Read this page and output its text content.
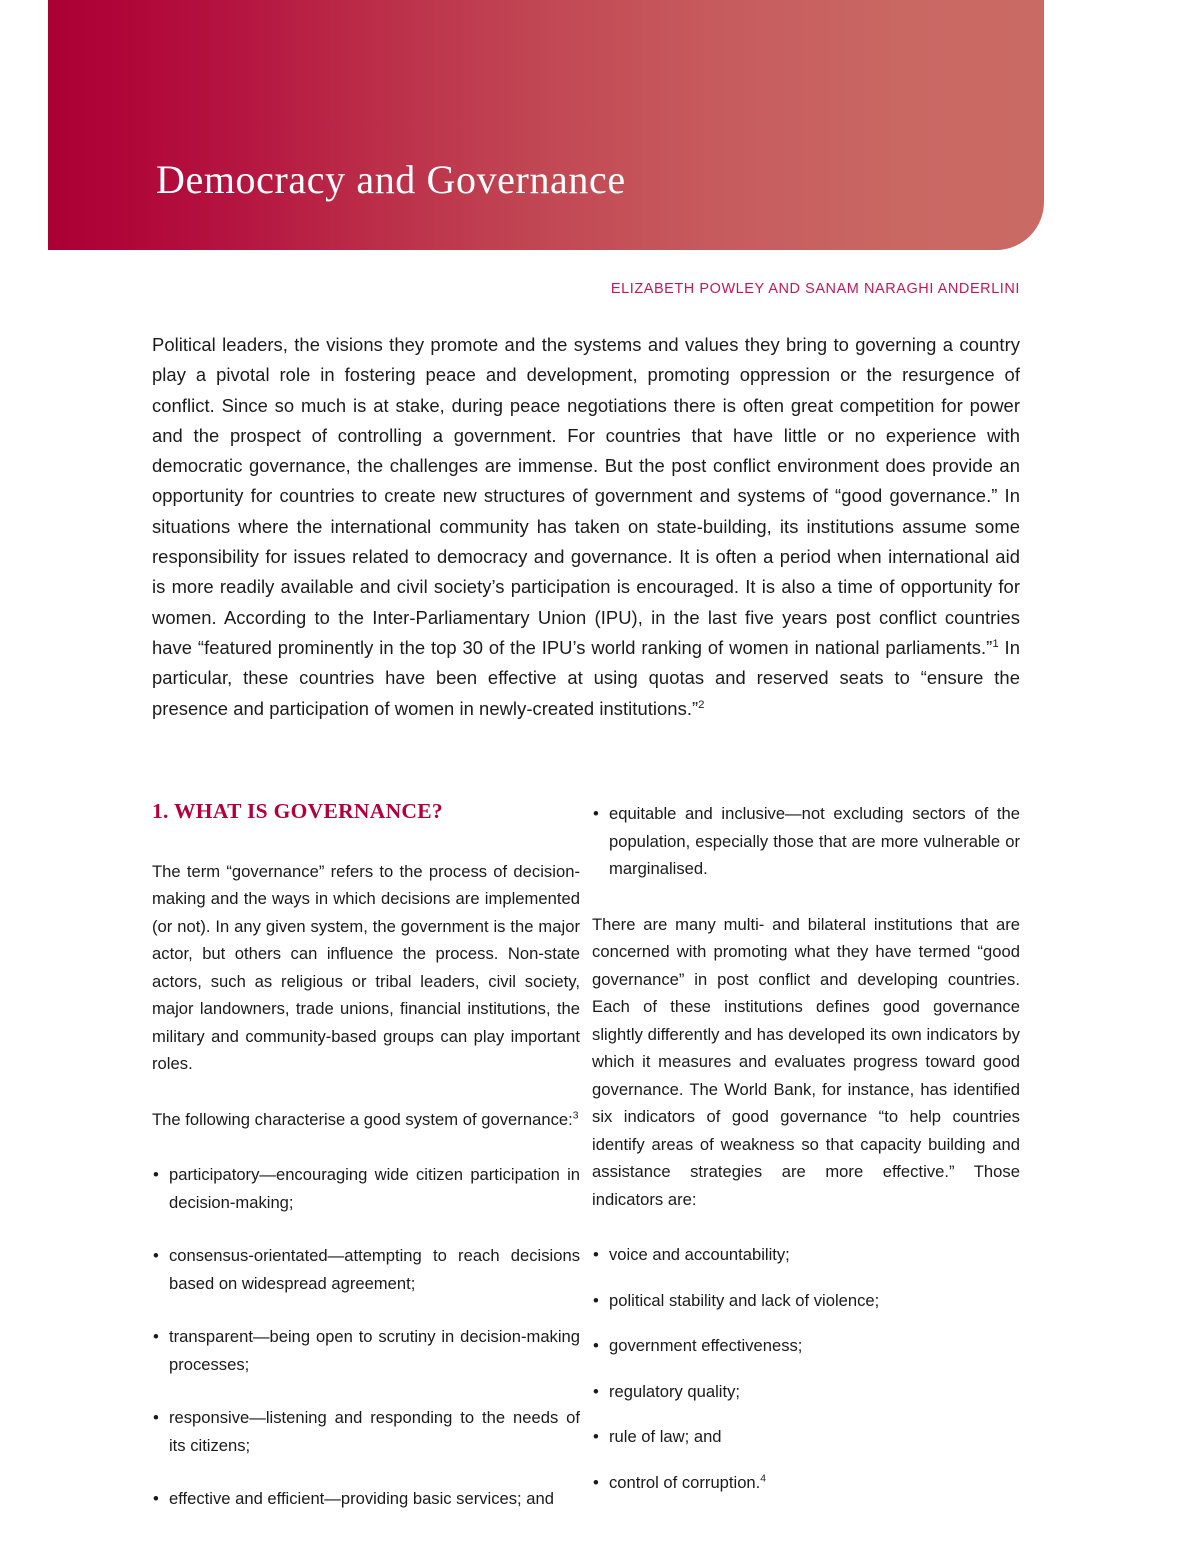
Democracy and Governance
ELIZABETH POWLEY AND SANAM NARAGHI ANDERLINI
Political leaders, the visions they promote and the systems and values they bring to governing a country play a pivotal role in fostering peace and development, promoting oppression or the resurgence of conflict. Since so much is at stake, during peace negotiations there is often great competition for power and the prospect of controlling a government. For countries that have little or no experience with democratic governance, the challenges are immense. But the post conflict environment does provide an opportunity for countries to create new structures of government and systems of “good governance.” In situations where the international community has taken on state-building, its institutions assume some responsibility for issues related to democracy and governance. It is often a period when international aid is more readily available and civil society’s participation is encouraged. It is also a time of opportunity for women. According to the Inter-Parliamentary Union (IPU), in the last five years post conflict countries have “featured prominently in the top 30 of the IPU’s world ranking of women in national parliaments.”$^1$ In particular, these countries have been effective at using quotas and reserved seats to “ensure the presence and participation of women in newly-created institutions.”$^2$
1. WHAT IS GOVERNANCE?

The term “governance” refers to the process of decision-making and the ways in which decisions are implemented (or not). In any given system, the government is the major actor, but others can influence the process. Non-state actors, such as religious or tribal leaders, civil society, major landowners, trade unions, financial institutions, the military and community-based groups can play important roles.

The following characterise a good system of governance:$^3$

• participatory—encouraging wide citizen participation in decision-making;
• consensus-orientated—attempting to reach decisions based on widespread agreement;
• transparent—being open to scrutiny in decision-making processes;
• responsive—listening and responding to the needs of its citizens;
• effective and efficient—providing basic services; and
• equitable and inclusive—not excluding sectors of the population, especially those that are more vulnerable or marginalised.

There are many multi- and bilateral institutions that are concerned with promoting what they have termed “good governance” in post conflict and developing countries. Each of these institutions defines good governance slightly differently and has developed its own indicators by which it measures and evaluates progress toward good governance. The World Bank, for instance, has identified six indicators of good governance “to help countries identify areas of weakness so that capacity building and assistance strategies are more effective.” Those indicators are:

• voice and accountability;
• political stability and lack of violence;
• government effectiveness;
• regulatory quality;
• rule of law; and
• control of corruption.$^4$
